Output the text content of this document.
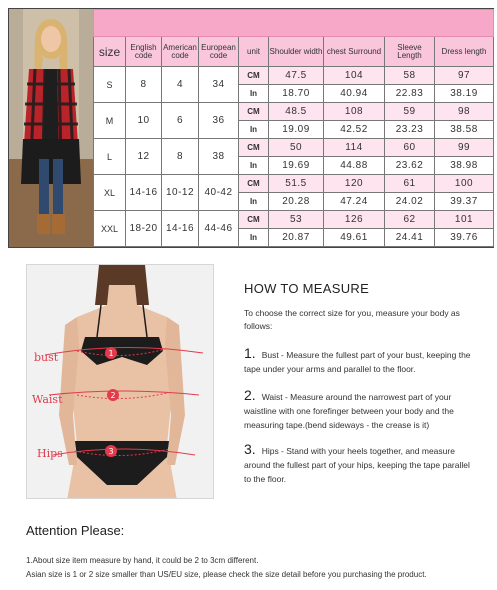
size	English code	American code	European code	unit	Shoulder width	chest Surround	Sleeve Length	Dress length
S	8	4	34	CM	47.5	104	58	97
				In	18.70	40.94	22.83	38.19
M	10	6	36	CM	48.5	108	59	98
				In	19.09	42.52	23.23	38.58
L	12	8	38	CM	50	114	60	99
				In	19.69	44.88	23.62	38.98
XL	14-16	10-12	40-42	CM	51.5	120	61	100
				In	20.28	47.24	24.02	39.37
XXL	18-20	14-16	44-46	CM	53	126	62	101
				In	20.87	49.61	24.41	39.76
1
2
3
bust
Waist
Hips
HOW TO MEASURE
To choose the correct size for you, measure your body as follows:
1. Bust - Measure the fullest part of your bust, keeping the tape under your arms and parallel to the floor.
2. Waist - Measure around the narrowest part of your waistline with one forefinger between your body and the measuring tape.(bend sideways - the crease is it)
3. Hips - Stand with your heels together, and measure around the fullest part of your hips, keeping the tape parallel to the floor.
Attention Please:
1.About size item measure by hand, it could be 2 to 3cm different.
Asian size is 1 or 2 size smaller than US/EU size, please check the size detail before you purchasing the product.
